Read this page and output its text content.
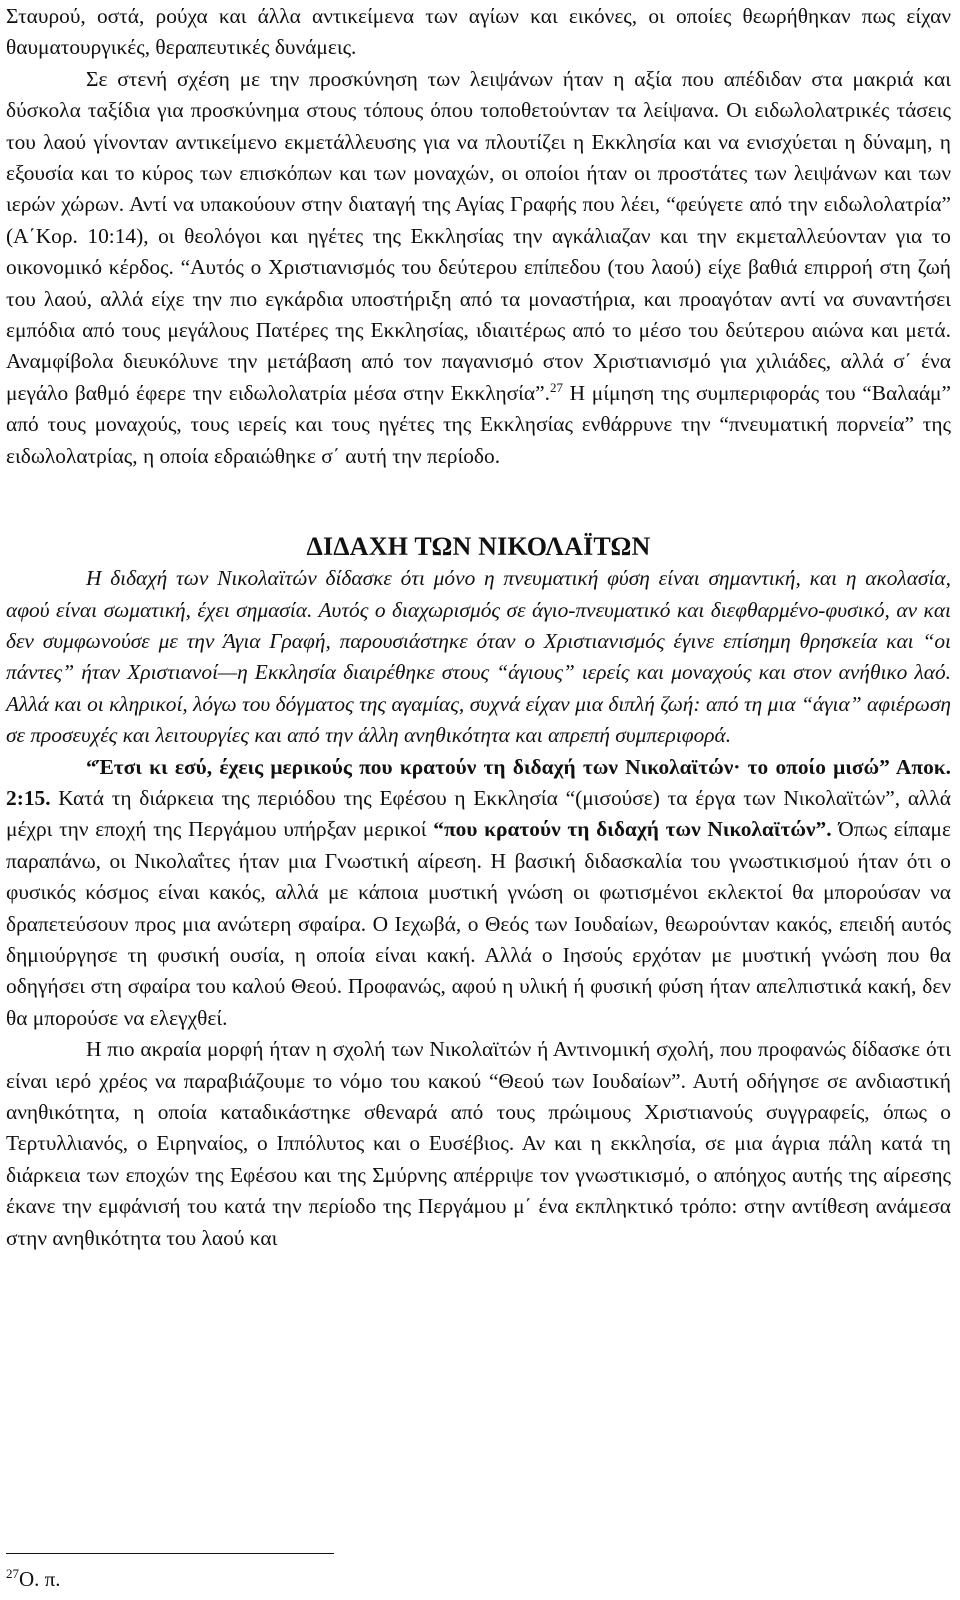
Σταυρού, οστά, ρούχα και άλλα αντικείμενα των αγίων και εικόνες, οι οποίες θεωρήθηκαν πως είχαν θαυματουργικές, θεραπευτικές δυνάμεις.

Σε στενή σχέση με την προσκύνηση των λειψάνων ήταν η αξία που απέδιδαν στα μακριά και δύσκολα ταξίδια για προσκύνημα στους τόπους όπου τοποθετούνταν τα λείψανα. Οι ειδωλολατρικές τάσεις του λαού γίνονταν αντικείμενο εκμετάλλευσης για να πλουτίζει η Εκκλησία και να ενισχύεται η δύναμη, η εξουσία και το κύρος των επισκόπων και των μοναχών, οι οποίοι ήταν οι προστάτες των λειψάνων και των ιερών χώρων. Αντί να υπακούουν στην διαταγή της Αγίας Γραφής που λέει, “φεύγετε από την ειδωλολατρία” (Α΄Κορ. 10:14), οι θεολόγοι και ηγέτες της Εκκλησίας την αγκάλιαζαν και την εκμεταλλεύονταν για το οικονομικό κέρδος. “Αυτός ο Χριστιανισμός του δεύτερου επίπεδου (του λαού) είχε βαθιά επιρροή στη ζωή του λαού, αλλά είχε την πιο εγκάρδια υποστήριξη από τα μοναστήρια, και προαγόταν αντί να συναντήσει εμπόδια από τους μεγάλους Πατέρες της Εκκλησίας, ιδιαιτέρως από το μέσο του δεύτερου αιώνα και μετά. Αναμφίβολα διευκόλυνε την μετάβαση από τον παγανισμό στον Χριστιανισμό για χιλιάδες, αλλά σ΄ ένα μεγάλο βαθμό έφερε την ειδωλολατρία μέσα στην Εκκλησία”.$^{27}$ Η μίμηση της συμπεριφοράς του “Βαλαάμ” από τους μοναχούς, τους ιερείς και τους ηγέτες της Εκκλησίας ενθάρρυνε την “πνευματική πορνεία” της ειδωλολατρίας, η οποία εδραιώθηκε σ΄ αυτή την περίοδο.

ΔΙΔΑΧΗ ΤΩΝ ΝΙΚΟΛΑΪΤΩΝ

Η διδαχή των Νικολαϊτών δίδασκε ότι μόνο η πνευματική φύση είναι σημαντική, και η ακολασία, αφού είναι σωματική, έχει σημασία. Αυτός ο διαχωρισμός σε άγιο-πνευματικό και διεφθαρμένο-φυσικό, αν και δεν συμφωνούσε με την Άγια Γραφή, παρουσιάστηκε όταν ο Χριστιανισμός έγινε επίσημη θρησκεία και “οι πάντες” ήταν Χριστιανοί—η Εκκλησία διαιρέθηκε στους “άγιους” ιερείς και μοναχούς και στον ανήθικο λαό. Αλλά και οι κληρικοί, λόγω του δόγματος της αγαμίας, συχνά είχαν μια διπλή ζωή: από τη μια “άγια” αφιέρωση σε προσευχές και λειτουργίες και από την άλλη ανηθικότητα και απρεπή συμπεριφορά.

“Έτσι κι εσύ, έχεις μερικούς που κρατούν τη διδαχή των Νικολαϊτών· το οποίο μισώ” Αποκ. 2:15. Κατά τη διάρκεια της περιόδου της Εφέσου η Εκκλησία “(μισούσε) τα έργα των Νικολαϊτών”, αλλά μέχρι την εποχή της Περγάμου υπήρξαν μερικοί “που κρατούν τη διδαχή των Νικολαϊτών”. Όπως είπαμε παραπάνω, οι Νικολαΐτες ήταν μια Γνωστική αίρεση. Η βασική διδασκαλία του γνωστικισμού ήταν ότι ο φυσικός κόσμος είναι κακός, αλλά με κάποια μυστική γνώση οι φωτισμένοι εκλεκτοί θα μπορούσαν να δραπετεύσουν προς μια ανώτερη σφαίρα. Ο Ιεχωβά, ο Θεός των Ιουδαίων, θεωρούνταν κακός, επειδή αυτός δημιούργησε τη φυσική ουσία, η οποία είναι κακή. Αλλά ο Ιησούς ερχόταν με μυστική γνώση που θα οδηγήσει στη σφαίρα του καλού Θεού. Προφανώς, αφού η υλική ή φυσική φύση ήταν απελπιστικά κακή, δεν θα μπορούσε να ελεγχθεί.

Η πιο ακραία μορφή ήταν η σχολή των Νικολαϊτών ή Αντινομική σχολή, που προφανώς δίδασκε ότι είναι ιερό χρέος να παραβιάζουμε το νόμο του κακού “Θεού των Ιουδαίων”. Αυτή οδήγησε σε ανδιαστική ανηθικότητα, η οποία καταδικάστηκε σθεναρά από τους πρώιμους Χριστιανούς συγγραφείς, όπως ο Τερτυλλιανός, ο Ειρηναίος, ο Ιππόλυτος και ο Ευσέβιος. Αν και η εκκλησία, σε μια άγρια πάλη κατά τη διάρκεια των εποχών της Εφέσου και της Σμύρνης απέρριψε τον γνωστικισμό, ο απόηχος αυτής της αίρεσης έκανε την εμφάνισή του κατά την περίοδο της Περγάμου μ΄ ένα εκπληκτικό τρόπο: στην αντίθεση ανάμεσα στην ανηθικότητα του λαού και

$^{27}$Ο. π.
